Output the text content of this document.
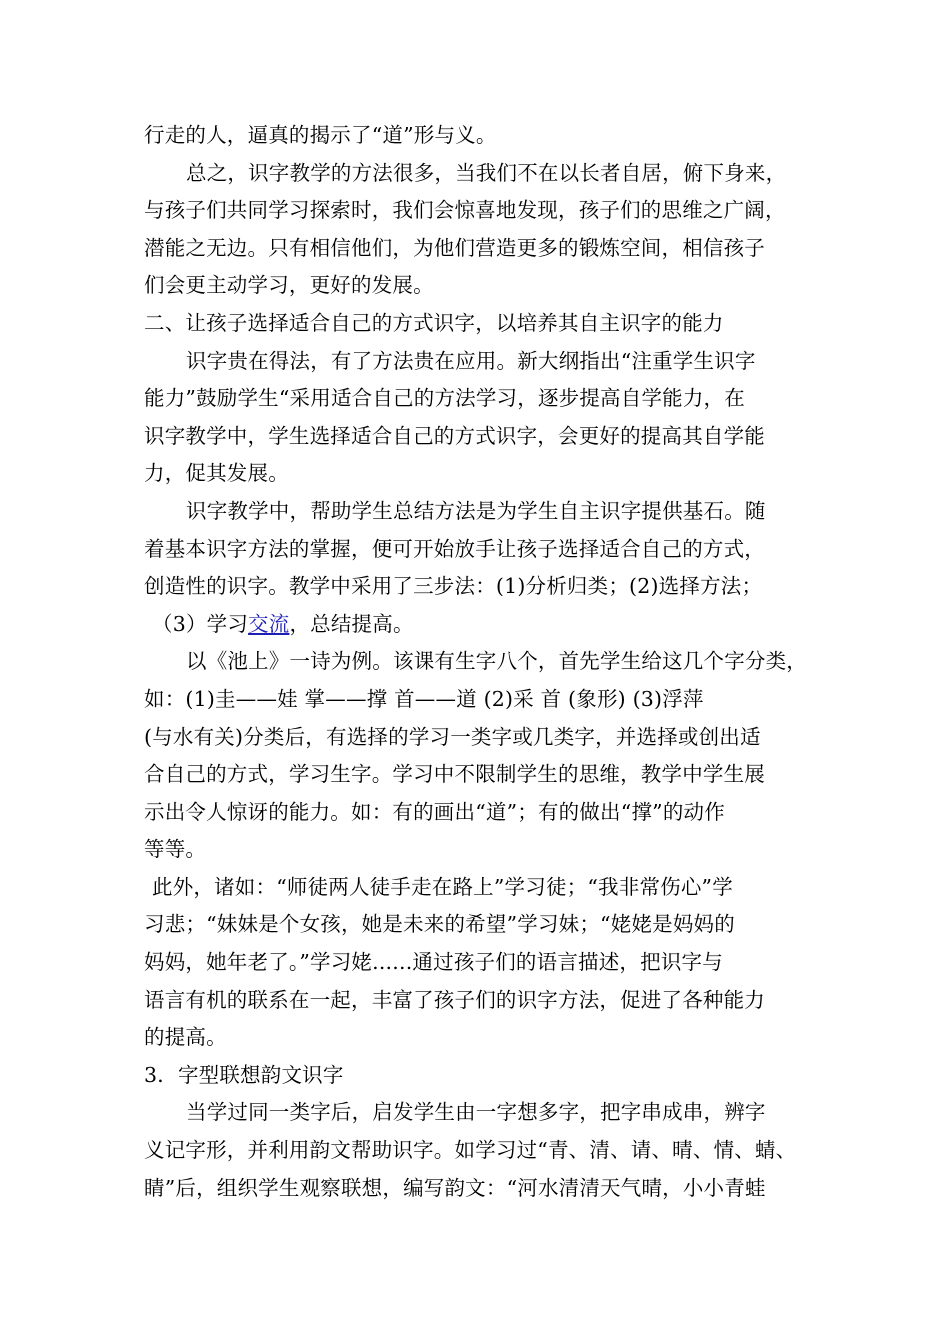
行走的人，逼真的揭示了“道”形与义。
总之，识字教学的方法很多，当我们不在以长者自居，俯下身来，
与孩子们共同学习探索时，我们会惊喜地发现，孩子们的思维之广阔，
潜能之无边。只有相信他们，为他们营造更多的锻炼空间，相信孩子
们会更主动学习，更好的发展。
二、让孩子选择适合自己的方式识字，以培养其自主识字的能力
识字贵在得法，有了方法贵在应用。新大纲指出“注重学生识字
能力”鼓励学生“采用适合自己的方法学习，逐步提高自学能力，在
识字教学中，学生选择适合自己的方式识字，会更好的提高其自学能
力，促其发展。
识字教学中，帮助学生总结方法是为学生自主识字提供基石。随
着基本识字方法的掌握，便可开始放手让孩子选择适合自己的方式，
创造性的识字。教学中采用了三步法：(1)分析归类；(2)选择方法；
（3）学习交流，总结提高。
以《池上》一诗为例。该课有生字八个，首先学生给这几个字分类，
如：(1)圭——娃 掌——撑 首——道 (2)采 首 (象形) (3)浮萍
(与水有关)分类后，有选择的学习一类字或几类字，并选择或创出适
合自己的方式，学习生字。学习中不限制学生的思维，教学中学生展
示出令人惊讶的能力。如：有的画出“道”；有的做出“撑”的动作
等等。
此外，诸如：“师徒两人徒手走在路上”学习徒；“我非常伤心”学
习悲；“妹妹是个女孩，她是未来的希望”学习妹；“姥姥是妈妈的
妈妈，她年老了。”学习姥......通过孩子们的语言描述，把识字与
语言有机的联系在一起，丰富了孩子们的识字方法，促进了各种能力
的提高。
3．字型联想韵文识字
当学过同一类字后，启发学生由一字想多字，把字串成串，辨字
义记字形，并利用韵文帮助识字。如学习过“青、清、请、晴、情、蜻、
睛”后，组织学生观察联想，编写韵文：“河水清清天气晴，小小青蛙
